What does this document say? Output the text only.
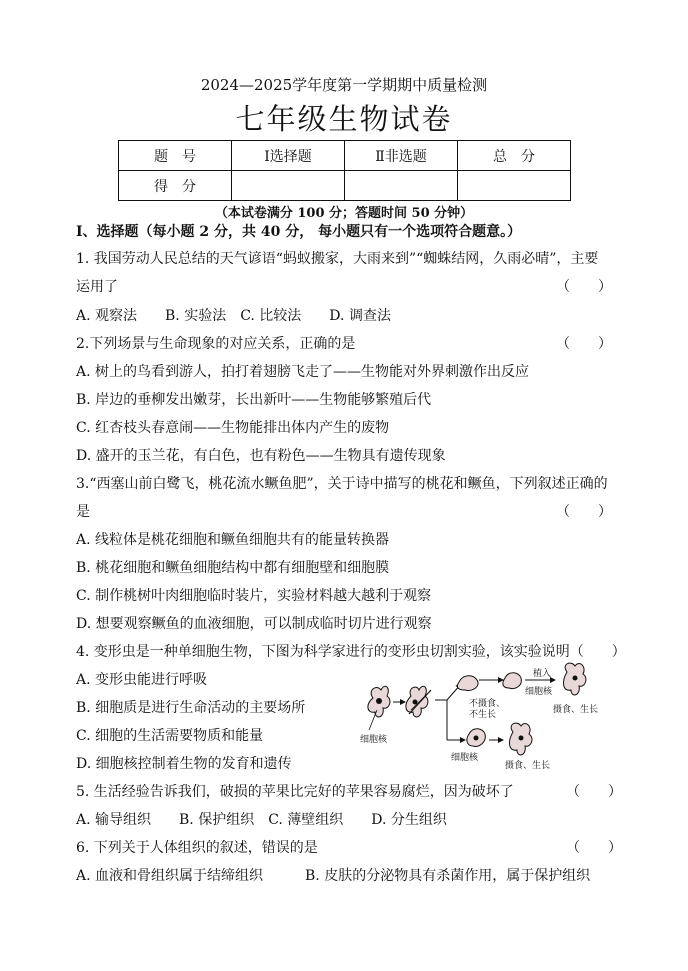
2024—2025学年度第一学期期中质量检测
七年级生物试卷
题　号	Ⅰ选择题	Ⅱ非选题	总　分
得　分			
（本试卷满分 100 分；答题时间 50 分钟）
Ⅰ、选择题（每小题 2 分，共 40 分， 每小题只有一个选项符合题意。）
1. 我国劳动人民总结的天气谚语“蚂蚁搬家，大雨来到”“蜘蛛结网，久雨必晴”，主要
运用了	（　　）
A. 观察法　　B. 实验法　C. 比较法　　D. 调查法
2.下列场景与生命现象的对应关系，正确的是	（　　）
A. 树上的鸟看到游人，拍打着翅膀飞走了——生物能对外界刺激作出反应
B. 岸边的垂柳发出嫩芽，长出新叶——生物能够繁殖后代
C. 红杏枝头春意闹——生物能排出体内产生的废物
D. 盛开的玉兰花，有白色，也有粉色——生物具有遗传现象
3.“西塞山前白鹭飞，桃花流水鳜鱼肥”，关于诗中描写的桃花和鳜鱼，下列叙述正确的
是	（　　）
A. 线粒体是桃花细胞和鳜鱼细胞共有的能量转换器
B. 桃花细胞和鳜鱼细胞结构中都有细胞壁和细胞膜
C. 制作桃树叶肉细胞临时装片，实验材料越大越利于观察
D. 想要观察鳜鱼的血液细胞，可以制成临时切片进行观察
4. 变形虫是一种单细胞生物，下图为科学家进行的变形虫切割实验，该实验说明（　　）
A. 变形虫能进行呼吸
B. 细胞质是进行生命活动的主要场所
C. 细胞的生活需要物质和能量
D. 细胞核控制着生物的发育和遗传
细胞核
不摄食、
不生长
植入
细胞核
摄食、生长
细胞核
摄食、生长
5. 生活经验告诉我们，破损的苹果比完好的苹果容易腐烂，因为破坏了	（　　）
A. 输导组织　　B. 保护组织　C. 薄壁组织　　D. 分生组织
6. 下列关于人体组织的叙述，错误的是	（　　）
A. 血液和骨组织属于结缔组织	B. 皮肤的分泌物具有杀菌作用，属于保护组织
